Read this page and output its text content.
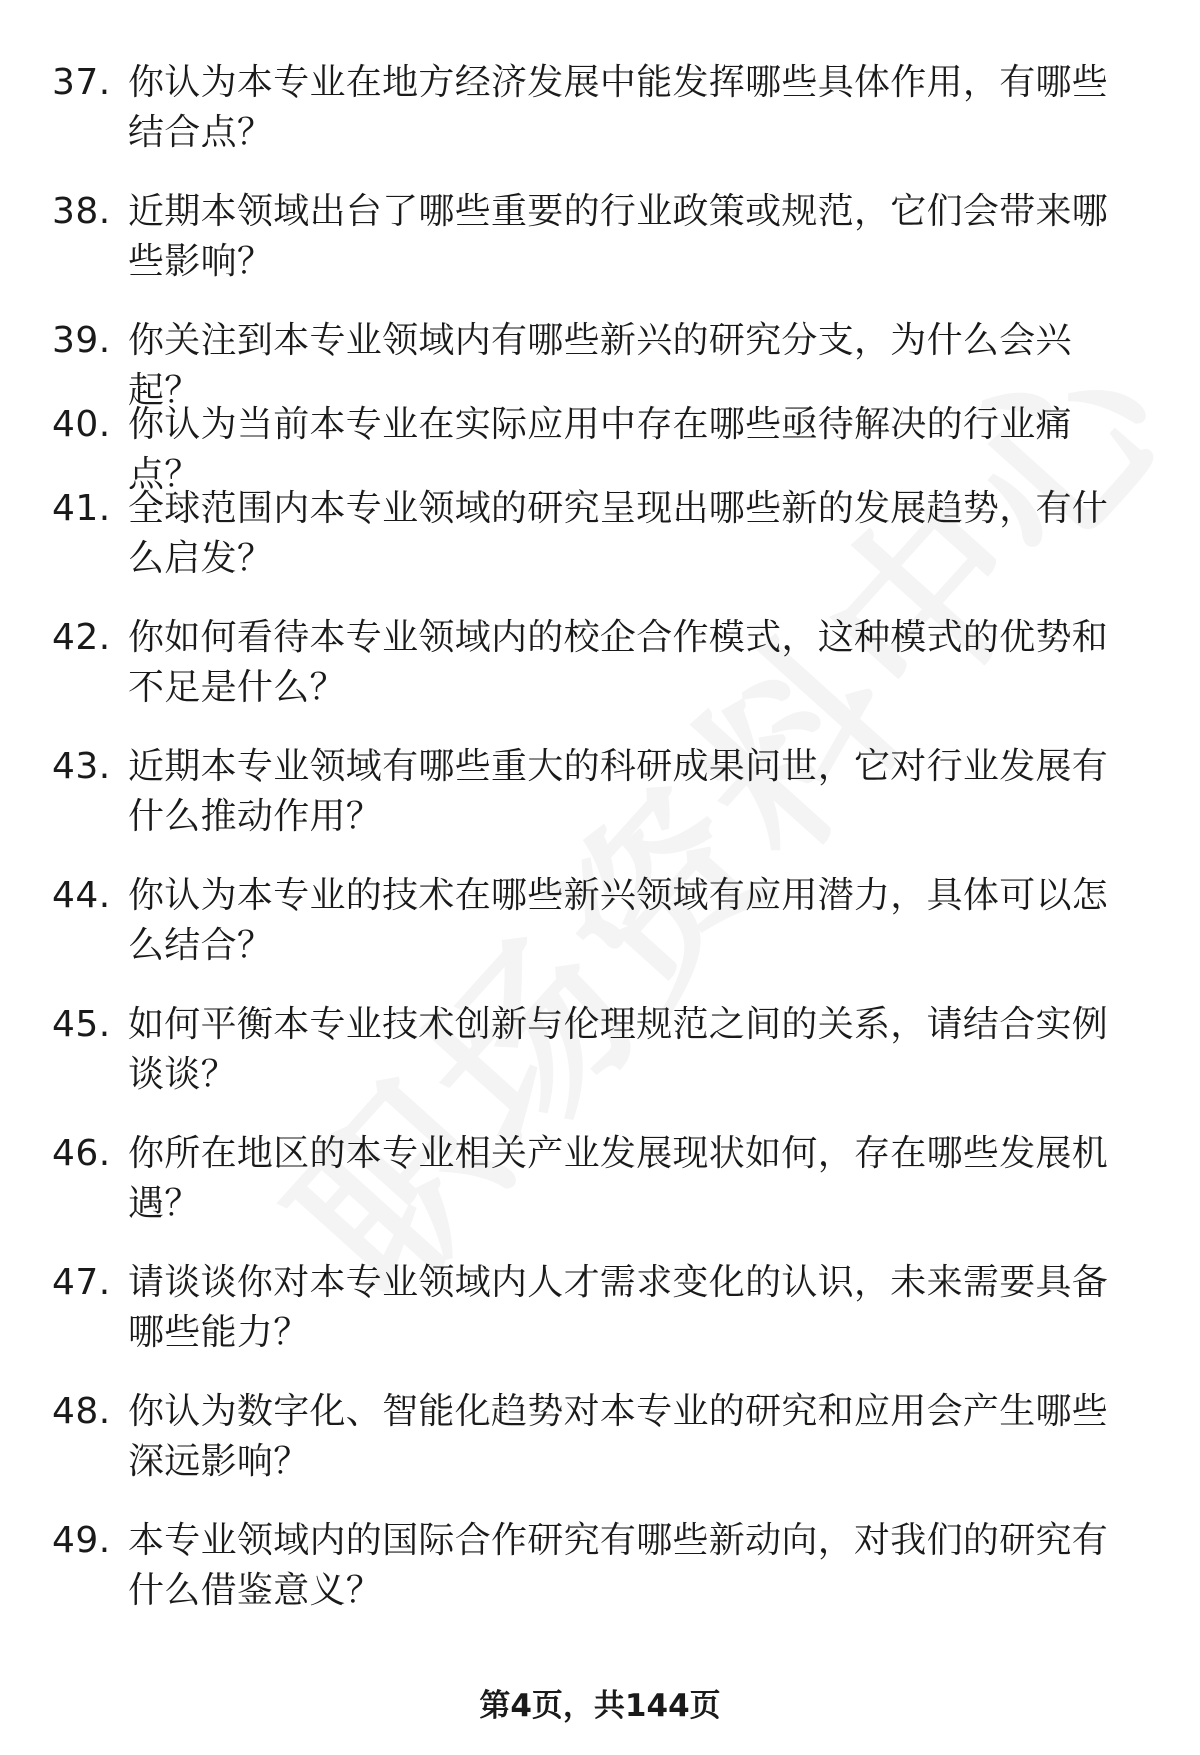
37. 你认为本专业在地方经济发展中能发挥哪些具体作用，有哪些结合点？
38. 近期本领域出台了哪些重要的行业政策或规范，它们会带来哪些影响？
39. 你关注到本专业领域内有哪些新兴的研究分支，为什么会兴起？
40. 你认为当前本专业在实际应用中存在哪些亟待解决的行业痛点？
41. 全球范围内本专业领域的研究呈现出哪些新的发展趋势，有什么启发？
42. 你如何看待本专业领域内的校企合作模式，这种模式的优势和不足是什么？
43. 近期本专业领域有哪些重大的科研成果问世，它对行业发展有什么推动作用？
44. 你认为本专业的技术在哪些新兴领域有应用潜力，具体可以怎么结合？
45. 如何平衡本专业技术创新与伦理规范之间的关系，请结合实例谈谈？
46. 你所在地区的本专业相关产业发展现状如何，存在哪些发展机遇？
47. 请谈谈你对本专业领域内人才需求变化的认识，未来需要具备哪些能力？
48. 你认为数字化、智能化趋势对本专业的研究和应用会产生哪些深远影响？
49. 本专业领域内的国际合作研究有哪些新动向，对我们的研究有什么借鉴意义？
第4页，共144页
